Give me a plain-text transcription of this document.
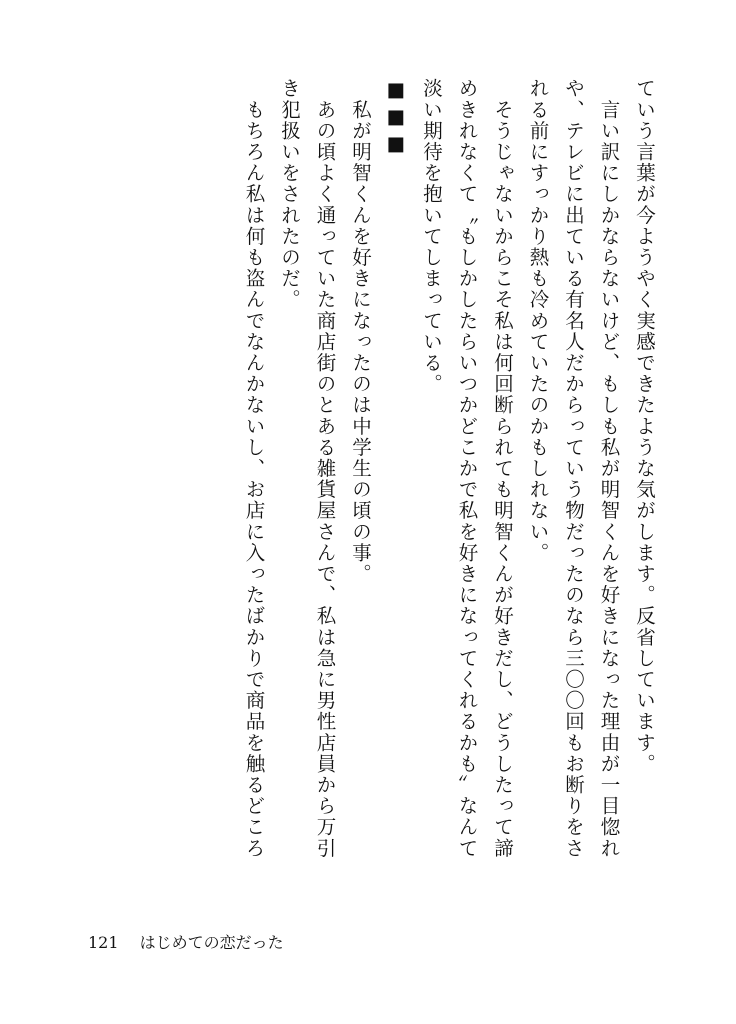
ていう言葉が今ようやく実感できたような気がします。反省しています。
　言い訳にしかならないけど、もしも私が明智くんを好きになった理由が一目惚れ
や、テレビに出ている有名人だからっていう物だったのなら三〇〇回もお断りをさ
れる前にすっかり熱も冷めていたのかもしれない。
　そうじゃないからこそ私は何回断られても明智くんが好きだし、どうしたって諦
めきれなくて〝もしかしたらいつかどこかで私を好きになってくれるかも〟なんて
淡い期待を抱いてしまっている。
■■■
　私が明智くんを好きになったのは中学生の頃の事。
　あの頃よく通っていた商店街のとある雑貨屋さんで、私は急に男性店員から万引
き犯扱いをされたのだ。
　もちろん私は何も盗んでなんかないし、お店に入ったばかりで商品を触るどころ
121 はじめての恋だった
